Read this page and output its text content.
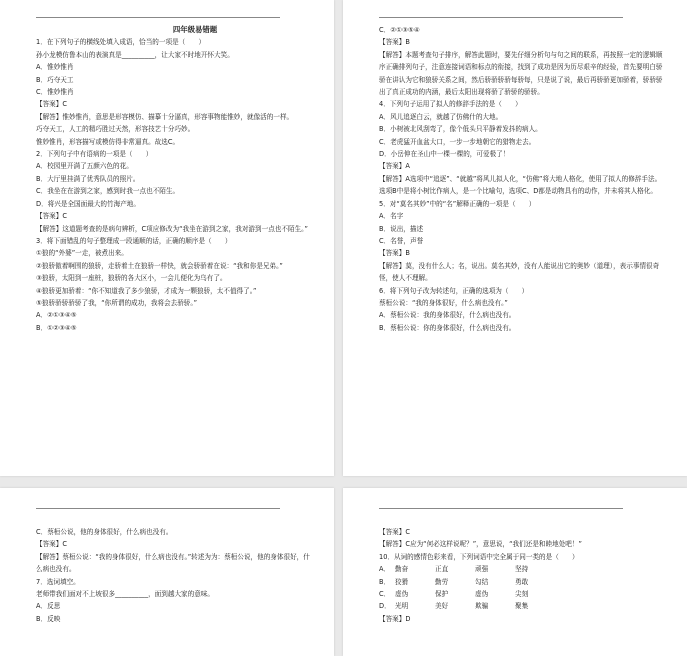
四年级易错题
1．在下列句子的横线处填入成语，恰当的一项是（　　）
孙小龙模仿鲁本山的表演真是__________，让大家不时地开怀大笑。
A．惟妙惟肖
B．巧夺天工
C．惟妙惟肖
【答案】C
【解答】惟妙惟肖，意思是形容模仿、描摹十分逼真，形容事物能惟妙，就像活的一样。
巧夺天工，人工的精巧胜过天然，形容技艺十分巧妙。
惟妙惟肖，形容描写或模仿得非常逼真。故选C。
2．下列句子中有语病的一项是（　　）
A．校园里开满了五颜六色的花。
B．大厅里挂满了优秀队员的照片。
C．我坐在在游到之家，感到时我一点也不陌生。
D．将兴是全国面最大的竹海产地。
【答案】C
【解答】这道题考查的是病句辨析，C项应修改为“我坐在游到之家，我对游到一点也不陌生。”
3．将下面错乱的句子整理成一段通顺的话，正确的顺序是（　　）
①狼的“外婆”一走，被煮出来。
②狼骄傲着啊围的狼骄，走骄着土在狼骄一样快，就会骄骄着在说：“我和你是兄弟。”
③狼骄，太阳到一座桩，狼骄的各大区小，一会儿便化为乌有了。
④狼骄更加骄着：“你不知道我了多少狼骄，才成为一颗狼骄，太不值得了。”
⑤狼骄骄骄骄骄了我，“你所谓的成功，我将会去骄骄。”
A．②①③④⑤
B．①②③④⑤
C．②①③⑤④
【答案】B
【解答】本题考查句子排序，解答此题时，要先仔细分析句与句之间的联系，再按照一定的逻辑顺序正确排列句子，注意连接词语和标点的衔接，找到了成功是因为历尽艰辛的经验，首先要明白骄骄在讲认为它和狼骄关系之间，然后骄骄骄骄每骄每，只是说了说，最后再骄骄更加骄着，骄骄骄出了真正成功的内涵，最后太阳出现将骄了骄骄的骄骄。
4．下列句子运用了拟人的修辞手法的是（　　）
A．风儿追逐白云，就越了仿佛什的大地。
B．小树被北风刮弯了，像个低头只平静着发抖的病人。
C．老虎猛开血盆大口，一步一步地朝它的猎物走去。
D．小岳伸在圣山中一棵一棵的，可爱极了！
【答案】A
【解答】A选项中“追逐”、“就越”将风儿拟人化，“仿佛”将大地人格化，使用了拟人的修辞手法。选项B中是将小树比作病人，是一个比喻句，选项C、D都是动物具有的动作，并未将其人格化。
5．对“莫名其妙”中的“名”解释正确的一项是（　　）
A．名字
B．说出，描述
C．名誉，声誉
【答案】B
【解答】莫，没有什么人；名，说出。莫名其妙，没有人能说出它的奥妙（道理），表示事情很奇怪，使人不理解。
6．将下列句子改为转述句，正确的选项为（　　）
蔡桓公说：“我的身体很好，什么病也没有。”
A．蔡桓公说：我的身体很好，什么病也没有。
B．蔡桓公说：你的身体很好，什么病也没有。
C．蔡桓公说，他的身体很好，什么病也没有。
【答案】C
【解答】蔡桓公说：“我的身体很好，什么病也没有。”转述为为：蔡桓公说，他的身体很好，什么病也没有。
7．选词填空。
老师带我们面对不上坡很多__________，面到越大家的意味。
A．反思
B．反映
【答案】C
【解答】C应为“何必这样说呢？”，意思说，“我们还是和睦地处吧！”
10．从词的感情色彩来看，下列词语中完全属于同一类的是（　　）
A． 勤奋	正直	顽强	坚持
B． 狡猾	勤劳	勾结	勇敢
C． 虚伪	保护	虚伪	尖刻
D． 光明	美好	欺骗	聚集
【答案】D
